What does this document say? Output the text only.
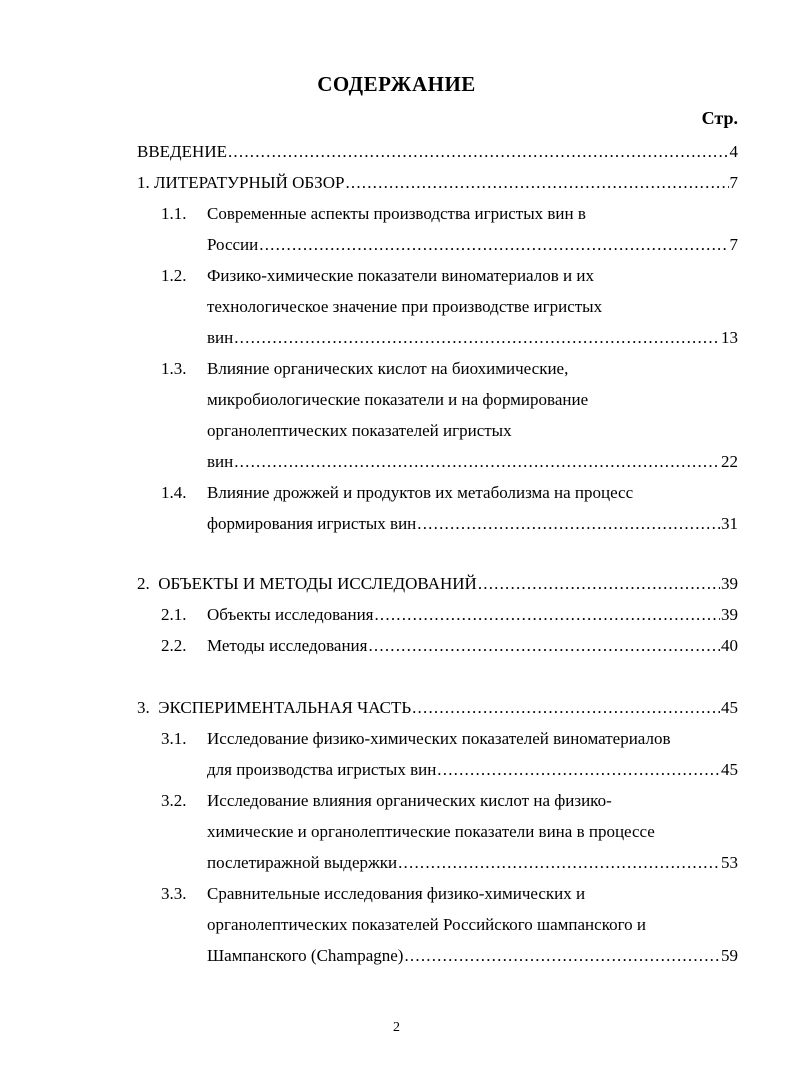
СОДЕРЖАНИЕ
Стр.
ВВЕДЕНИЕ .....	4
1. ЛИТЕРАТУРНЫЙ ОБЗОР .....	7
1.1. Современные аспекты производства игристых вин в
России .....	7
1.2. Физико-химические показатели виноматериалов и их
технологическое значение при производстве игристых
вин .....	13
1.3. Влияние органических кислот на биохимические,
микробиологические показатели и на формирование
органолептических показателей игристых
вин .....	22
1.4. Влияние дрожжей и продуктов их метаболизма на процесс
формирования игристых вин .....	31
2.  ОБЪЕКТЫ И МЕТОДЫ ИССЛЕДОВАНИЙ .....	39
2.1. Объекты исследования .....	39
2.2. Методы исследования .....	40
3.  ЭКСПЕРИМЕНТАЛЬНАЯ ЧАСТЬ .....	45
3.1. Исследование физико-химических показателей виноматериалов
для производства игристых вин .....	45
3.2. Исследование влияния органических кислот на физико-
химические и органолептические показатели вина в процессе
послетиражной выдержки .....	53
3.3. Сравнительные исследования физико-химических и
органолептических показателей Российского шампанского и
Шампанского (Champagne) .....	59
2
